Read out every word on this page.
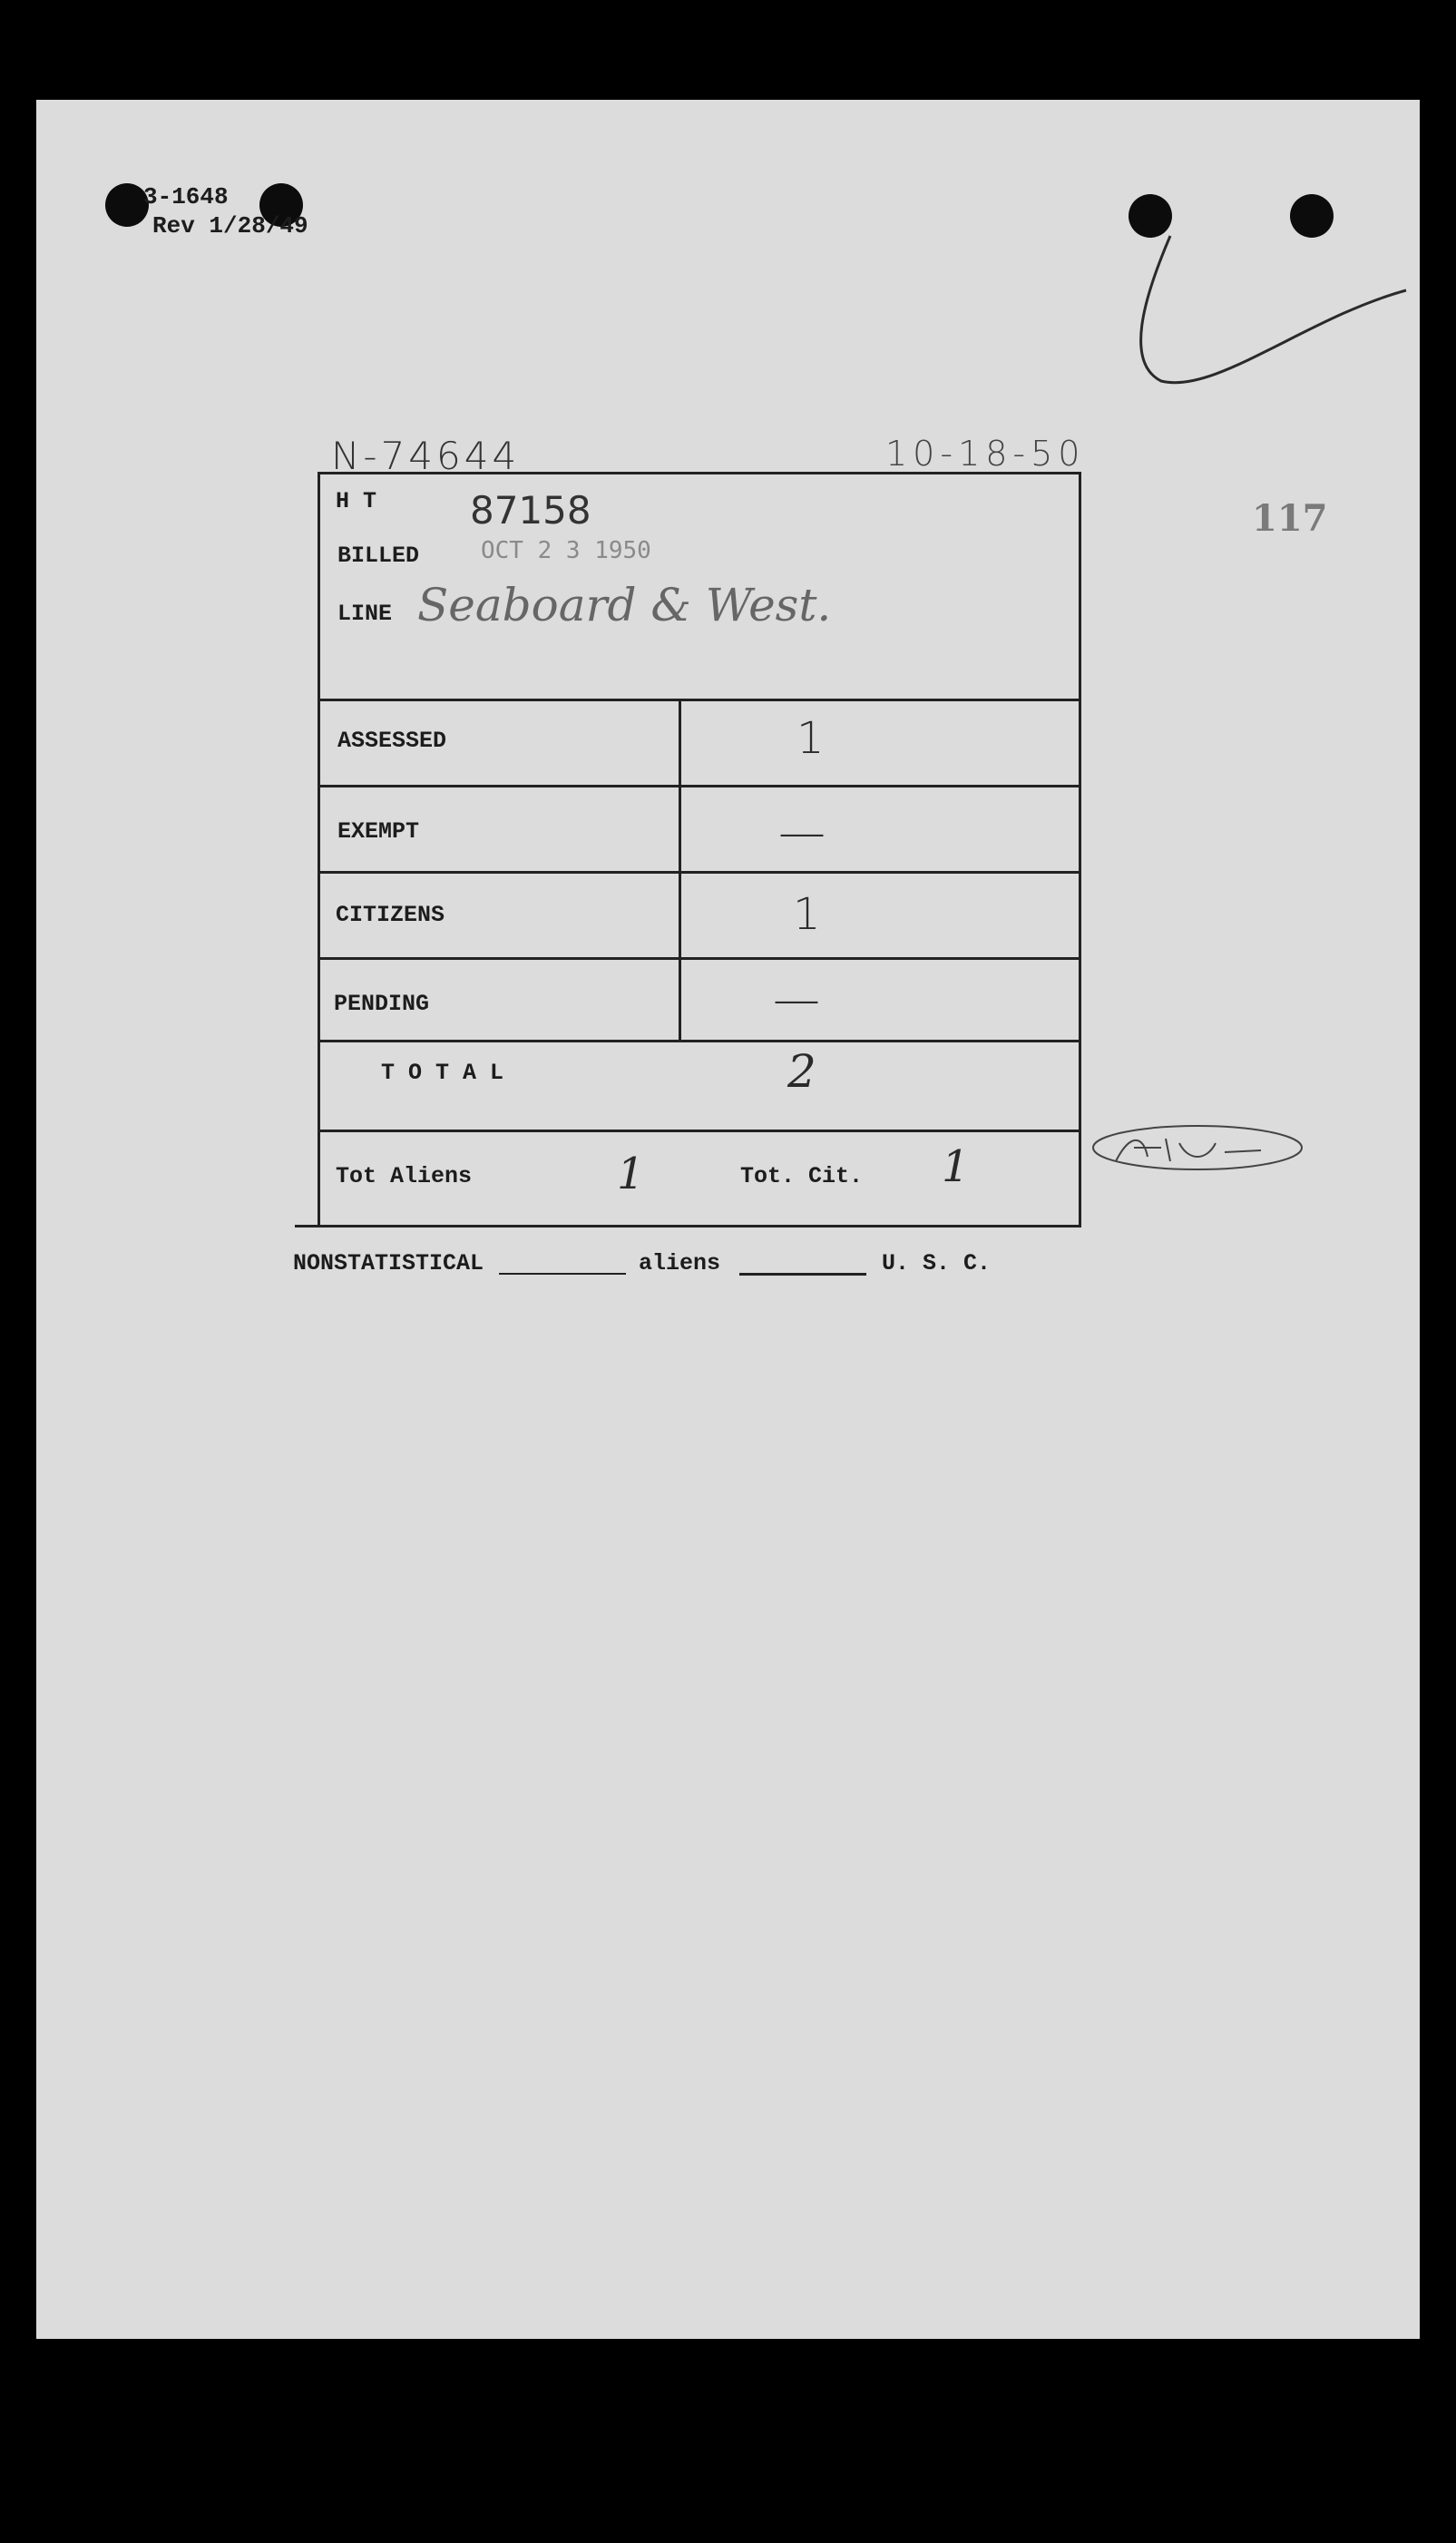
3-1648
Rev 1/28/49
N-74644	10-18-50
117
H T 87158
BILLED	OCT 2 3 1950
LINE Seaboard & West.
ASSESSED	1
EXEMPT	—
CITIZENS	1
PENDING	—
T O T A L	2
Tot Aliens	1	Tot. Cit. 1
NONSTATISTICAL	aliens	U. S. C.
